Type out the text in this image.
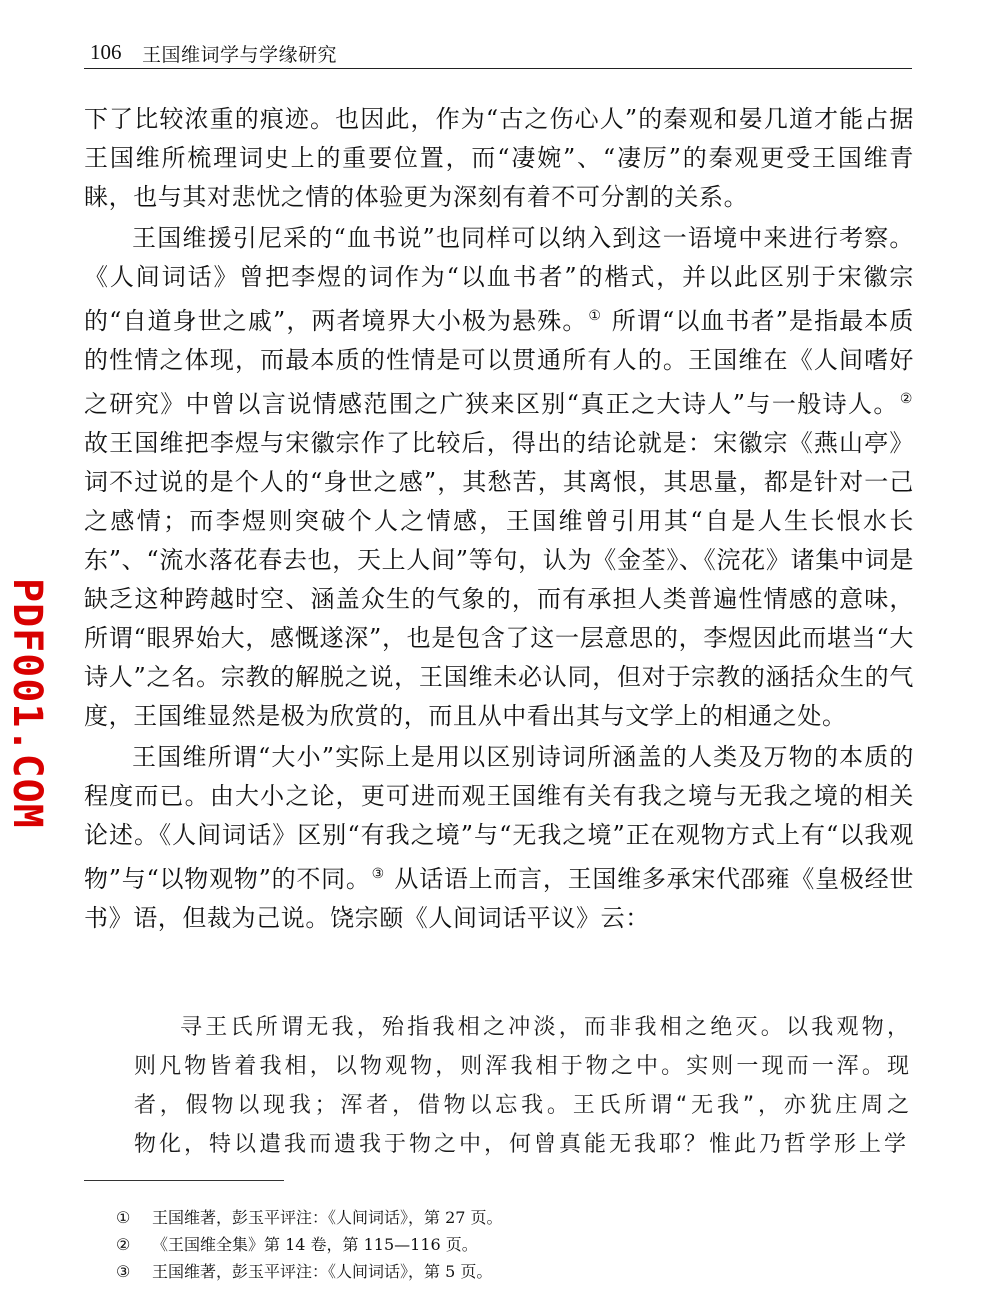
106 王国维词学与学缘研究

下了比较浓重的痕迹。也因此，作为“古之伤心人”的秦观和晏几道才能占据王国维所梳理词史上的重要位置，而“凄婉”、“凄厉”的秦观更受王国维青睐，也与其对悲忧之情的体验更为深刻有着不可分割的关系。

王国维援引尼采的“血书说”也同样可以纳入到这一语境中来进行考察。《人间词话》曾把李煜的词作为“以血书者”的楷式，并以此区别于宋徽宗的“自道身世之戚”，两者境界大小极为悬殊。① 所谓“以血书者”是指最本质的性情之体现，而最本质的性情是可以贯通所有人的。王国维在《人间嗜好之研究》中曾以言说情感范围之广狭来区别“真正之大诗人”与一般诗人。② 故王国维把李煜与宋徽宗作了比较后，得出的结论就是：宋徽宗《燕山亭》词不过说的是个人的“身世之感”，其愁苦，其离恨，其思量，都是针对一己之感情；而李煜则突破个人之情感，王国维曾引用其“自是人生长恨水长东”、“流水落花春去也，天上人间”等句，认为《金荃》、《浣花》诸集中词是缺乏这种跨越时空、涵盖众生的气象的，而有承担人类普遍性情感的意味，所谓“眼界始大，感慨遂深”，也是包含了这一层意思的，李煜因此而堪当“大诗人”之名。宗教的解脱之说，王国维未必认同，但对于宗教的涵括众生的气度，王国维显然是极为欣赏的，而且从中看出其与文学上的相通之处。

王国维所谓“大小”实际上是用以区别诗词所涵盖的人类及万物的本质的程度而已。由大小之论，更可进而观王国维有关有我之境与无我之境的相关论述。《人间词话》区别“有我之境”与“无我之境”正在观物方式上有“以我观物”与“以物观物”的不同。③ 从话语上而言，王国维多承宋代邵雍《皇极经世书》语，但裁为己说。饶宗颐《人间词话平议》云：

寻王氏所谓无我，殆指我相之冲淡，而非我相之绝灭。以我观物，则凡物皆着我相，以物观物，则浑我相于物之中。实则一现而一浑。现者，假物以现我；浑者，借物以忘我。王氏所谓“无我”，亦犹庄周之物化，特以遣我而遗我于物之中，何曾真能无我耶？惟此乃哲学形上学
①	王国维著，彭玉平评注：《人间词话》，第 27 页。
②	《王国维全集》第 14 卷，第 115—116 页。
③	王国维著，彭玉平评注：《人间词话》，第 5 页。
PDF001.COM
